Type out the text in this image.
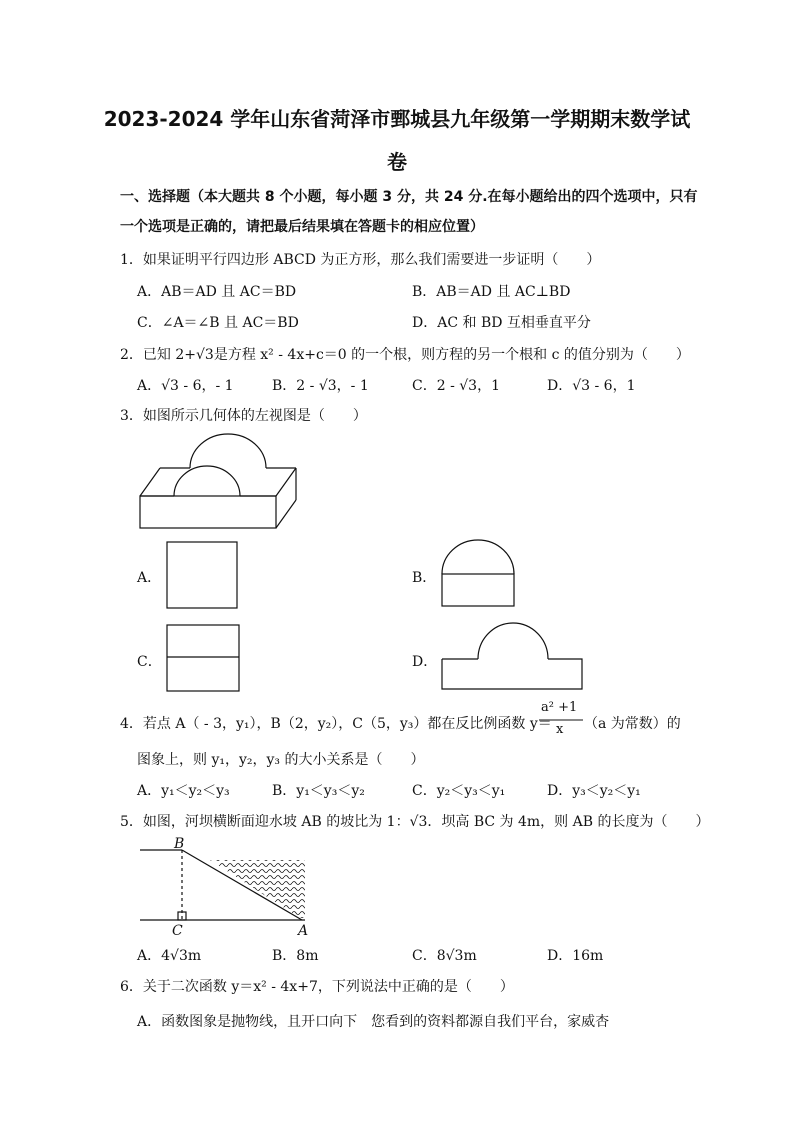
2023-2024 学年山东省菏泽市鄄城县九年级第一学期期末数学试
卷
一、选择题（本大题共 8 个小题，每小题 3 分，共 24 分.在每小题给出的四个选项中，只有
一个选项是正确的，请把最后结果填在答题卡的相应位置）
1．如果证明平行四边形 ABCD 为正方形，那么我们需要进一步证明（　　）
A．AB＝AD 且 AC＝BD	B．AB＝AD 且 AC⊥BD
C．∠A＝∠B 且 AC＝BD	D．AC 和 BD 互相垂直平分
2．已知 2+√3是方程 x² - 4x+c＝0 的一个根，则方程的另一个根和 c 的值分别为（　　）
A．√3 - 6，- 1	B．2 - √3，- 1	C．2 - √3，1	D．√3 - 6，1
3．如图所示几何体的左视图是（　　）
A．	B．
C．	D．
4．若点 A（ - 3，y₁），B（2，y₂），C（5，y₃）都在反比例函数 y＝
a² +1
x （a 为常数）的
图象上，则 y₁，y₂，y₃ 的大小关系是（　　）
A．y₁＜y₂＜y₃	B．y₁＜y₃＜y₂	C．y₂＜y₃＜y₁	D．y₃＜y₂＜y₁
5．如图，河坝横断面迎水坡 AB 的坡比为 1：√3．坝高 BC 为 4m，则 AB 的长度为（　　）
B
C	A
A．4√3m	B．8m	C．8√3m	D．16m
6．关于二次函数 y＝x² - 4x+7，下列说法中正确的是（　　）
A．函数图象是抛物线，且开口向下　您看到的资料都源自我们平台，家威杏
